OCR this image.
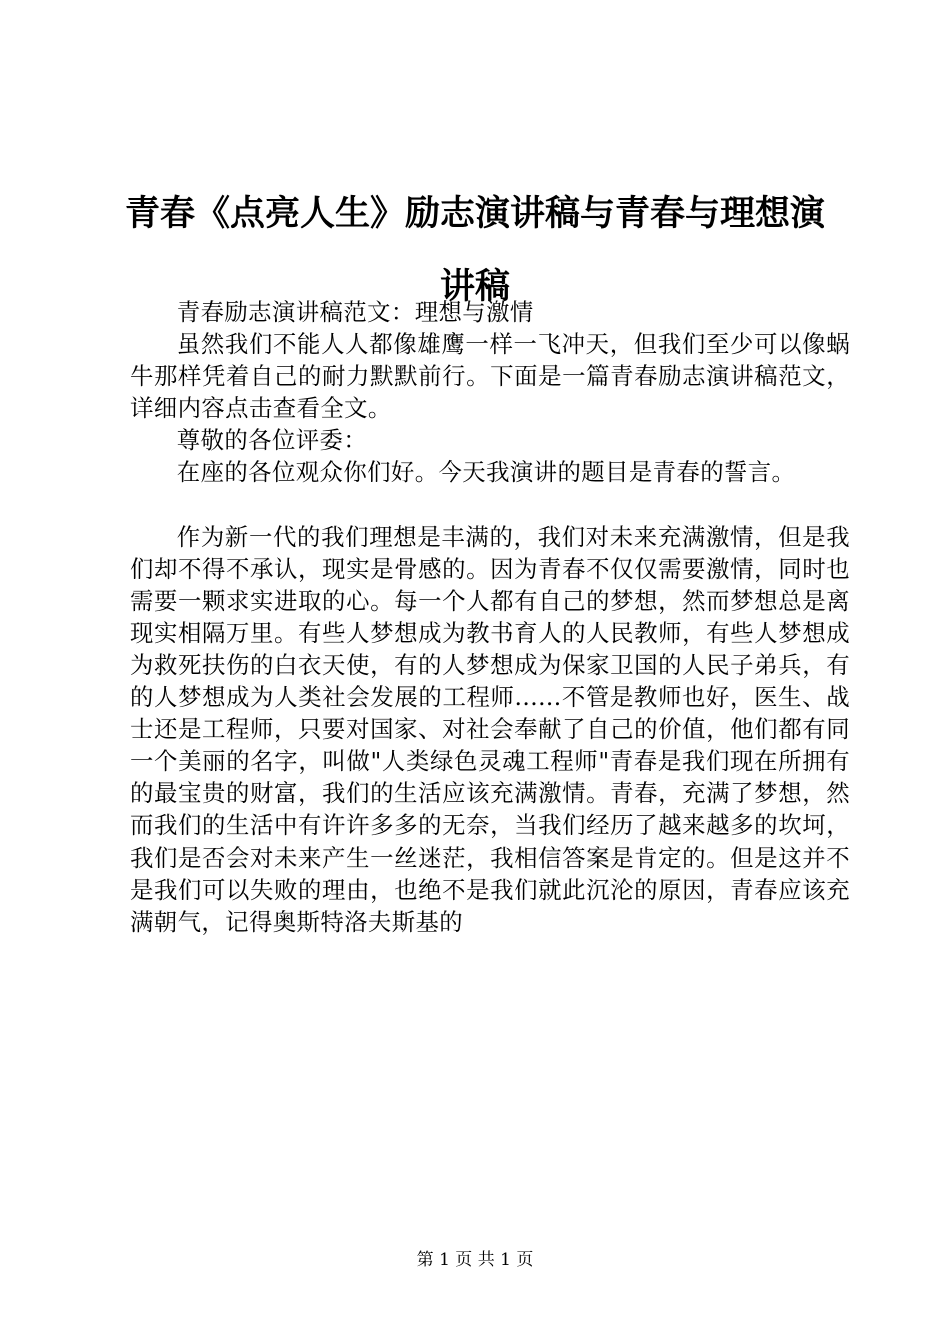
青春《点亮人生》励志演讲稿与青春与理想演讲稿

青春励志演讲稿范文：理想与激情

虽然我们不能人人都像雄鹰一样一飞冲天，但我们至少可以像蜗牛那样凭着自己的耐力默默前行。下面是一篇青春励志演讲稿范文，详细内容点击查看全文。

尊敬的各位评委：

在座的各位观众你们好。今天我演讲的题目是青春的誓言。

作为新一代的我们理想是丰满的，我们对未来充满激情，但是我们却不得不承认，现实是骨感的。因为青春不仅仅需要激情，同时也需要一颗求实进取的心。每一个人都有自己的梦想，然而梦想总是离现实相隔万里。有些人梦想成为教书育人的人民教师，有些人梦想成为救死扶伤的白衣天使，有的人梦想成为保家卫国的人民子弟兵，有的人梦想成为人类社会发展的工程师......不管是教师也好，医生、战士还是工程师，只要对国家、对社会奉献了自己的价值，他们都有同一个美丽的名字，叫做"人类绿色灵魂工程师"青春是我们现在所拥有的最宝贵的财富，我们的生活应该充满激情。青春，充满了梦想，然而我们的生活中有许许多多的无奈，当我们经历了越来越多的坎坷，我们是否会对未来产生一丝迷茫，我相信答案是肯定的。但是这并不是我们可以失败的理由，也绝不是我们就此沉沦的原因，青春应该充满朝气，记得奥斯特洛夫斯基的

第 1 页 共 1 页
